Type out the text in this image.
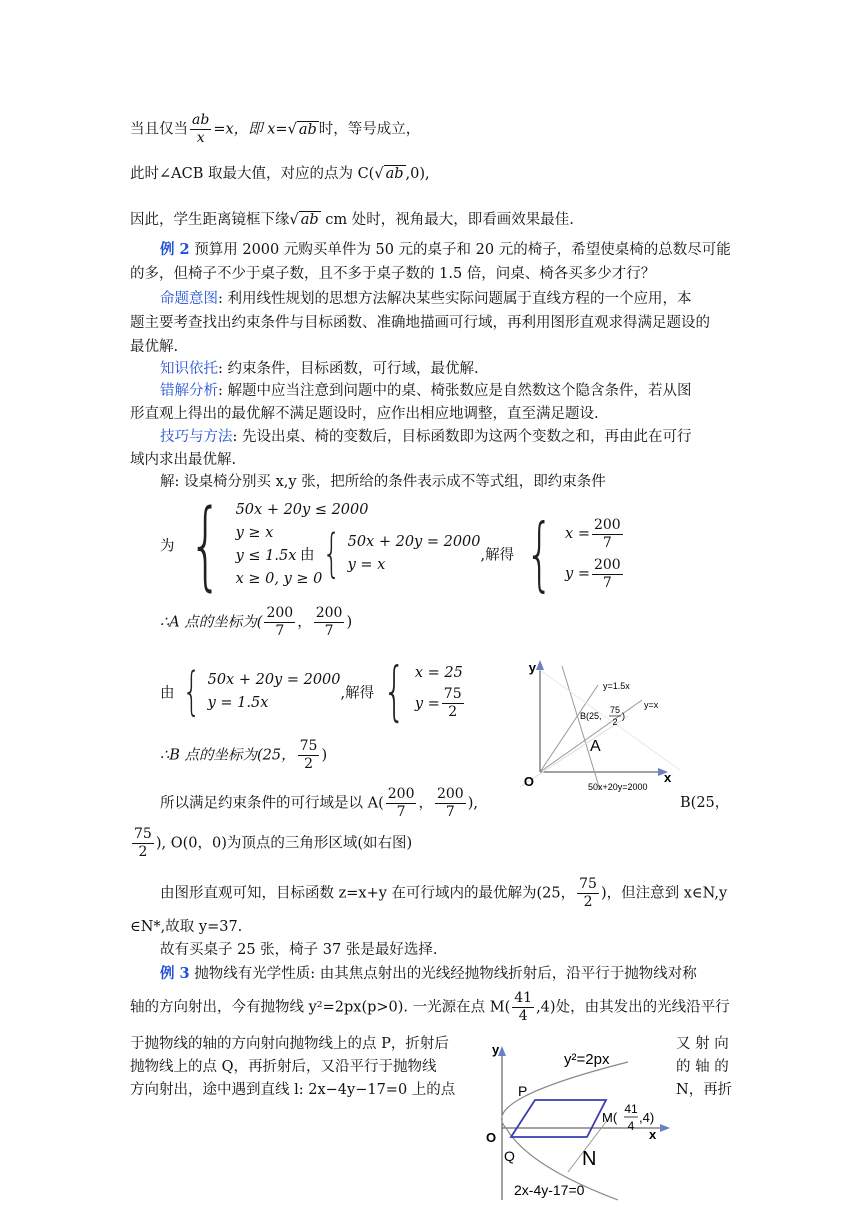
当且仅当 $\frac{ab}{x} =x$，即 x=√ ab 时，等号成立，
此时∠ACB 取最大值，对应的点为 C(√ ab ,0),
因此，学生距离镜框下缘√ ab cm 处时，视角最大，即看画效果最佳.
例 2 预算用 2000 元购买单件为 50 元的桌子和 20 元的椅子，希望使桌椅的总数尽可能
的多，但椅子不少于桌子数，且不多于桌子数的 1.5 倍，问桌、椅各买多少才行？
命题意图: 利用线性规划的思想方法解决某些实际问题属于直线方程的一个应用，本
题主要考查找出约束条件与目标函数、准确地描画可行域，再利用图形直观求得满足题设的
最优解.
知识依托: 约束条件，目标函数，可行域，最优解.
错解分析: 解题中应当注意到问题中的桌、椅张数应是自然数这个隐含条件，若从图
形直观上得出的最优解不满足题设时，应作出相应地调整，直至满足题设.
技巧与方法: 先设出桌、椅的变数后，目标函数即为这两个变数之和，再由此在可行
域内求出最优解.
解: 设桌椅分别买 x,y 张，把所给的条件表示成不等式组，即约束条件
为 { 50x + 20y ≤ 2000
y ≥ x
y ≤ 1.5x
x ≥ 0, y ≥ 0
由 { 50x + 20y = 2000
y = x
,解得 { $x = \frac{200}{7}$
$y = \frac{200}{7}$
∴A 点的坐标为( $\frac{200}{7}$ ， $\frac{200}{7}$ )
由 { 50x + 20y = 2000
y = 1.5x
,解得 { x = 25
$y = \frac{75}{2}$
∴B 点的坐标为(25， $\frac{75}{2}$ )
所以满足约束条件的可行域是以 $A( \frac{200}{7}$ ， $\frac{200}{7}$ ),	B(25，
$\frac{75}{2}$ ), O(0，0)为顶点的三角形区域(如右图)
由图形直观可知，目标函数 z=x+y 在可行域内的最优解为(25， $\frac{75}{2}$ )，但注意到 x∈N,y
∈N*,故取 y=37.
故有买桌子 25 张，椅子 37 张是最好选择.
例 3 抛物线有光学性质: 由其焦点射出的光线经抛物线折射后，沿平行于抛物线对称
轴的方向射出，今有抛物线 y²=2px(p>0). 一光源在点 $M( \frac{41}{4} ,4)$处，由其发出的光线沿平行
于抛物线的轴的方向射向抛物线上的点 P，折射后	又 射 向
抛物线上的点 Q，再折射后，又沿平行于抛物线	的 轴 的
方向射出，途中遇到直线 l: 2x−4y−17=0 上的点	N，再折
y
x
O
y=1.5x
y=x
B(25,
75
2
)
A
50x+20y=2000
y
x
O
y²=2px
P
M(
41
4
,4)
Q	N
2x-4y-17=0
